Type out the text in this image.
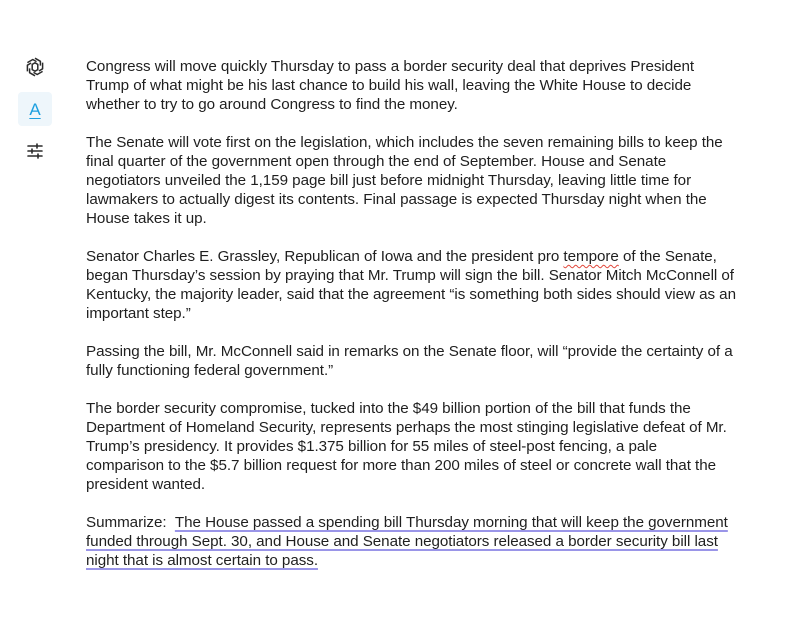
A

Congress will move quickly Thursday to pass a border security deal that deprives President Trump of what might be his last chance to build his wall, leaving the White House to decide whether to try to go around Congress to find the money.

The Senate will vote first on the legislation, which includes the seven remaining bills to keep the final quarter of the government open through the end of September. House and Senate negotiators unveiled the 1,159 page bill just before midnight Thursday, leaving little time for lawmakers to actually digest its contents. Final passage is expected Thursday night when the House takes it up.

Senator Charles E. Grassley, Republican of Iowa and the president pro tempore of the Senate, began Thursday’s session by praying that Mr. Trump will sign the bill. Senator Mitch McConnell of Kentucky, the majority leader, said that the agreement “is something both sides should view as an important step.”

Passing the bill, Mr. McConnell said in remarks on the Senate floor, will “provide the certainty of a fully functioning federal government.”

The border security compromise, tucked into the $49 billion portion of the bill that funds the Department of Homeland Security, represents perhaps the most stinging legislative defeat of Mr. Trump’s presidency. It provides $1.375 billion for 55 miles of steel-post fencing, a pale comparison to the $5.7 billion request for more than 200 miles of steel or concrete wall that the president wanted.

Summarize: The House passed a spending bill Thursday morning that will keep the government funded through Sept. 30, and House and Senate negotiators released a border security bill last night that is almost certain to pass.
